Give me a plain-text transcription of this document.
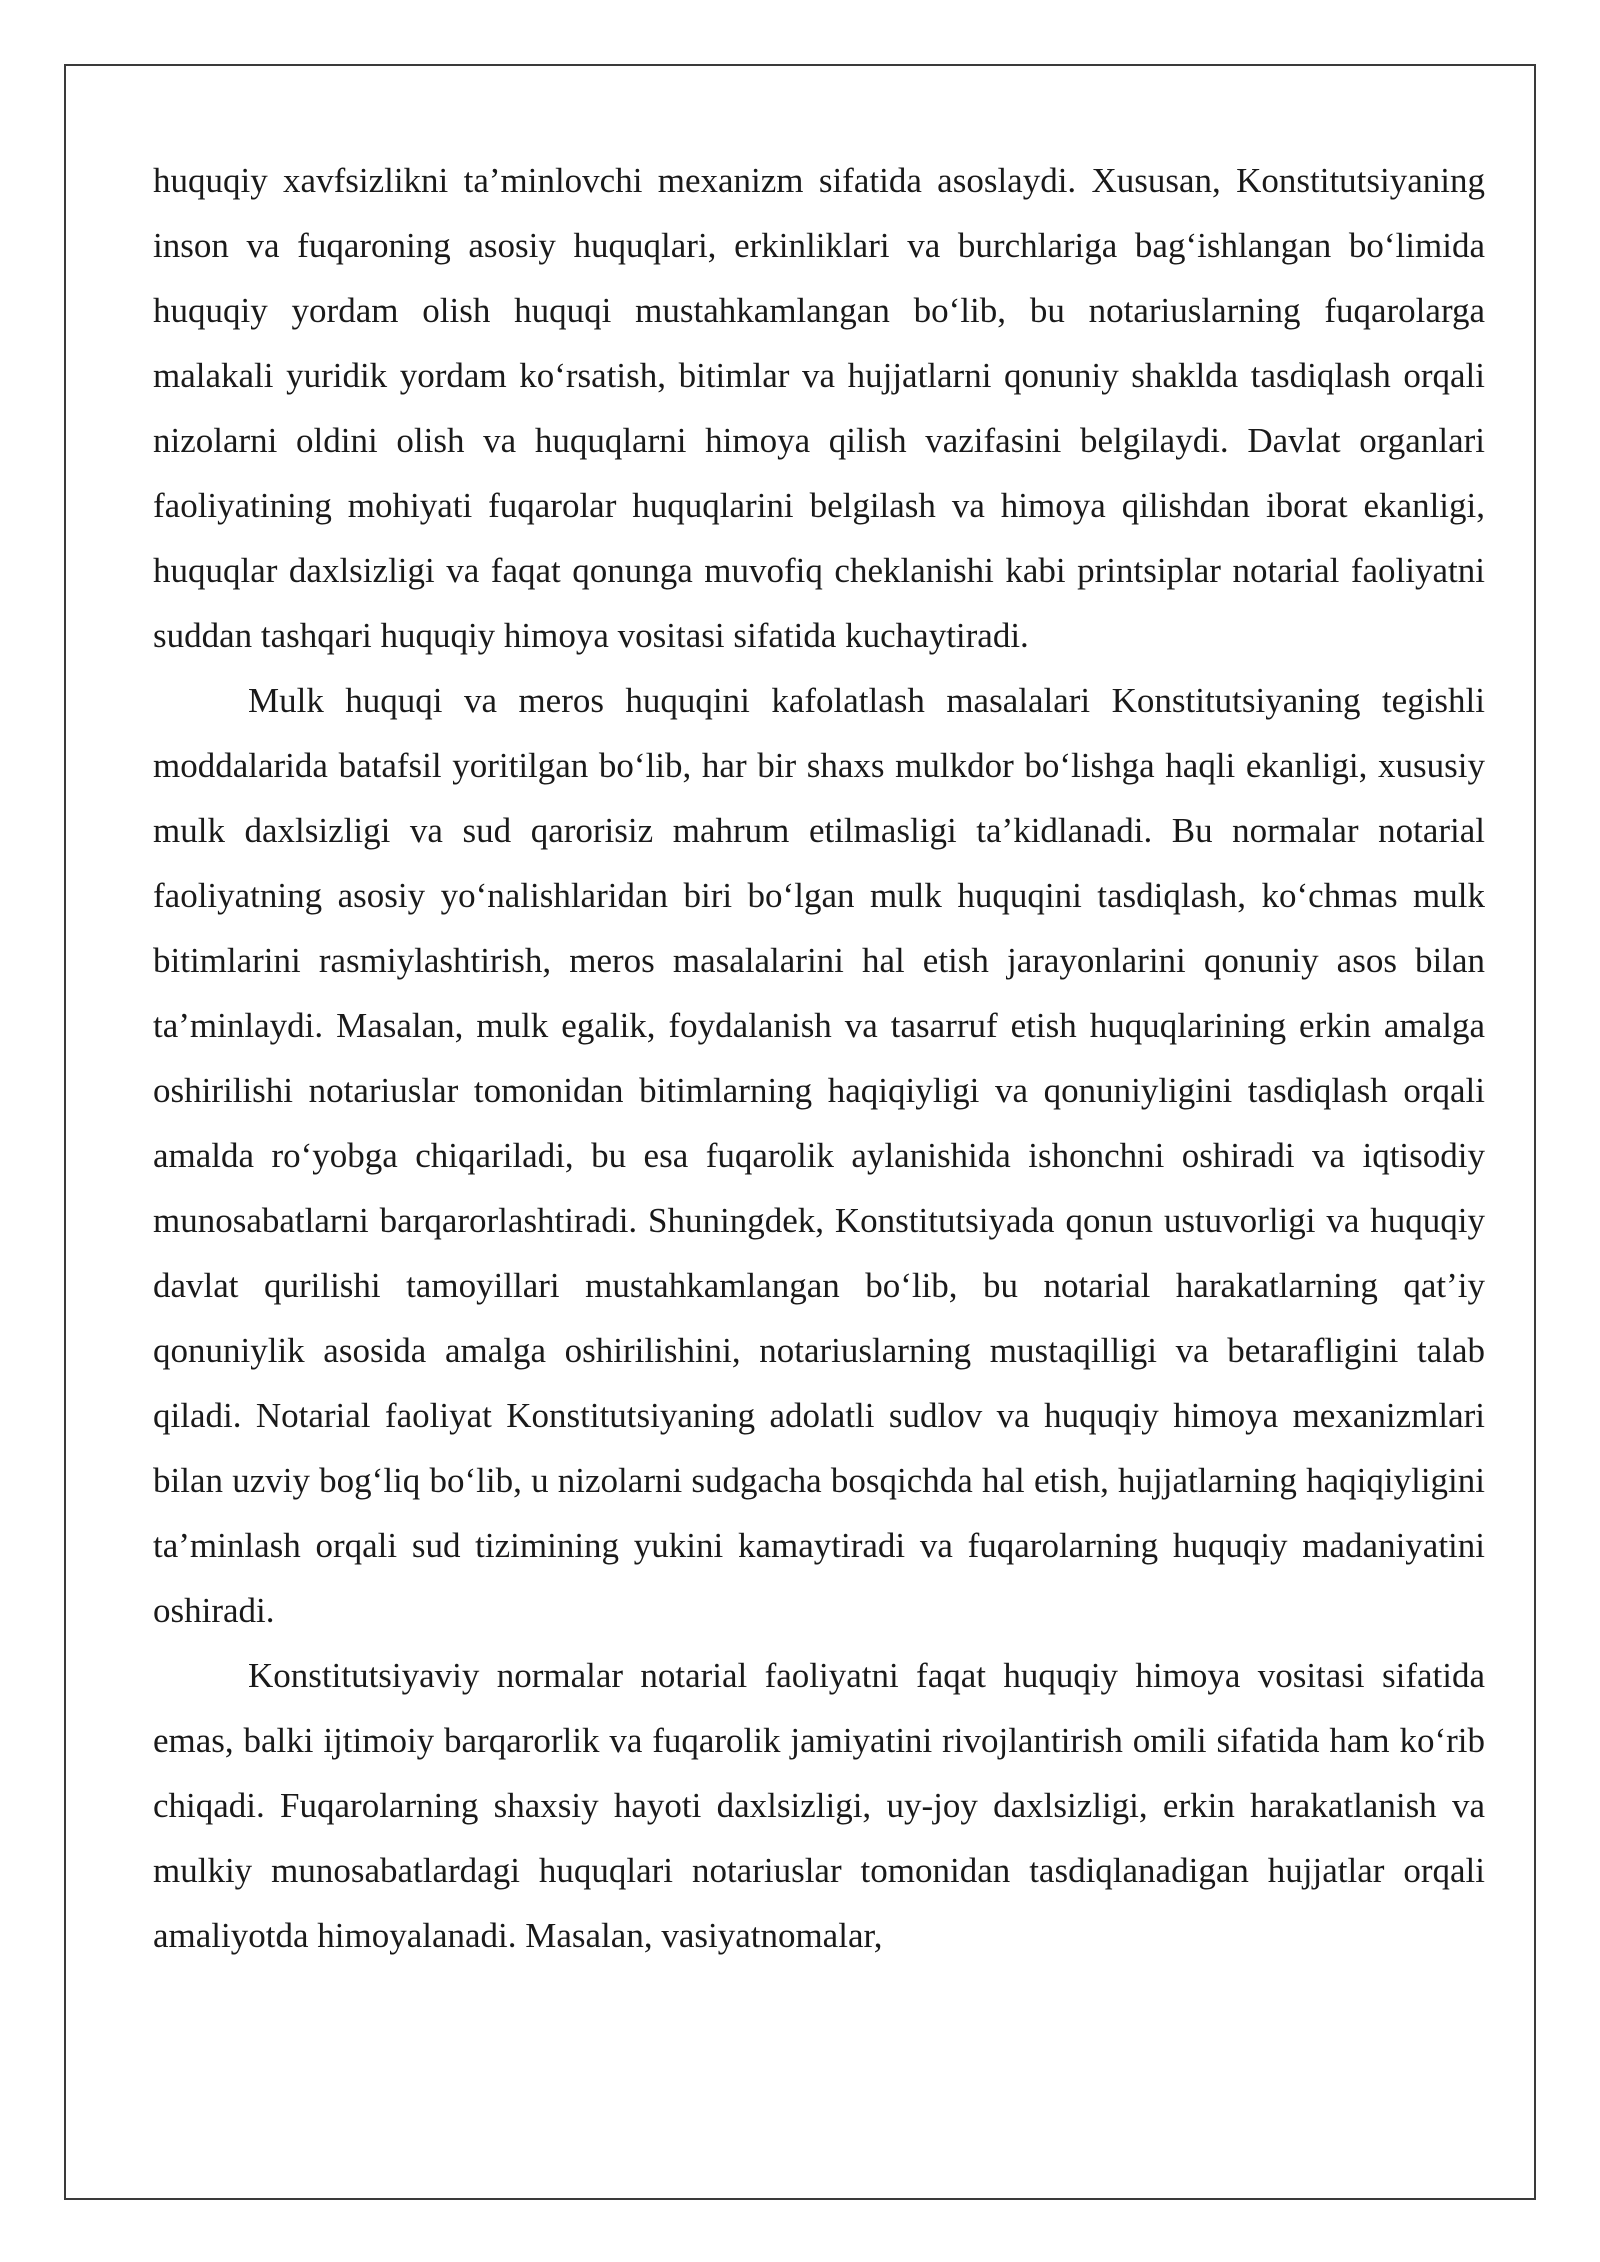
huquqiy xavfsizlikni ta’minlovchi mexanizm sifatida asoslaydi. Xususan, Konstitutsiyaning inson va fuqaroning asosiy huquqlari, erkinliklari va burchlariga bag‘ishlangan bo‘limida huquqiy yordam olish huquqi mustahkamlangan bo‘lib, bu notariuslarning fuqarolarga malakali yuridik yordam ko‘rsatish, bitimlar va hujjatlarni qonuniy shaklda tasdiqlash orqali nizolarni oldini olish va huquqlarni himoya qilish vazifasini belgilaydi. Davlat organlari faoliyatining mohiyati fuqarolar huquqlarini belgilash va himoya qilishdan iborat ekanligi, huquqlar daxlsizligi va faqat qonunga muvofiq cheklanishi kabi printsiplar notarial faoliyatni suddan tashqari huquqiy himoya vositasi sifatida kuchaytiradi.

Mulk huquqi va meros huquqini kafolatlash masalalari Konstitutsiyaning tegishli moddalarida batafsil yoritilgan bo‘lib, har bir shaxs mulkdor bo‘lishga haqli ekanligi, xususiy mulk daxlsizligi va sud qarorisiz mahrum etilmasligi ta’kidlanadi. Bu normalar notarial faoliyatning asosiy yo‘nalishlaridan biri bo‘lgan mulk huquqini tasdiqlash, ko‘chmas mulk bitimlarini rasmiylashtirish, meros masalalarini hal etish jarayonlarini qonuniy asos bilan ta’minlaydi. Masalan, mulk egalik, foydalanish va tasarruf etish huquqlarining erkin amalga oshirilishi notariuslar tomonidan bitimlarning haqiqiyligi va qonuniyligini tasdiqlash orqali amalda ro‘yobga chiqariladi, bu esa fuqarolik aylanishida ishonchni oshiradi va iqtisodiy munosabatlarni barqarorlashtiradi. Shuningdek, Konstitutsiyada qonun ustuvorligi va huquqiy davlat qurilishi tamoyillari mustahkamlangan bo‘lib, bu notarial harakatlarning qat’iy qonuniylik asosida amalga oshirilishini, notariuslarning mustaqilligi va betarafligini talab qiladi. Notarial faoliyat Konstitutsiyaning adolatli sudlov va huquqiy himoya mexanizmlari bilan uzviy bog‘liq bo‘lib, u nizolarni sudgacha bosqichda hal etish, hujjatlarning haqiqiyligini ta’minlash orqali sud tizimining yukini kamaytiradi va fuqarolarning huquqiy madaniyatini oshiradi.

Konstitutsiyaviy normalar notarial faoliyatni faqat huquqiy himoya vositasi sifatida emas, balki ijtimoiy barqarorlik va fuqarolik jamiyatini rivojlantirish omili sifatida ham ko‘rib chiqadi. Fuqarolarning shaxsiy hayoti daxlsizligi, uy-joy daxlsizligi, erkin harakatlanish va mulkiy munosabatlardagi huquqlari notariuslar tomonidan tasdiqlanadigan hujjatlar orqali amaliyotda himoyalanadi. Masalan, vasiyatnomalar,
